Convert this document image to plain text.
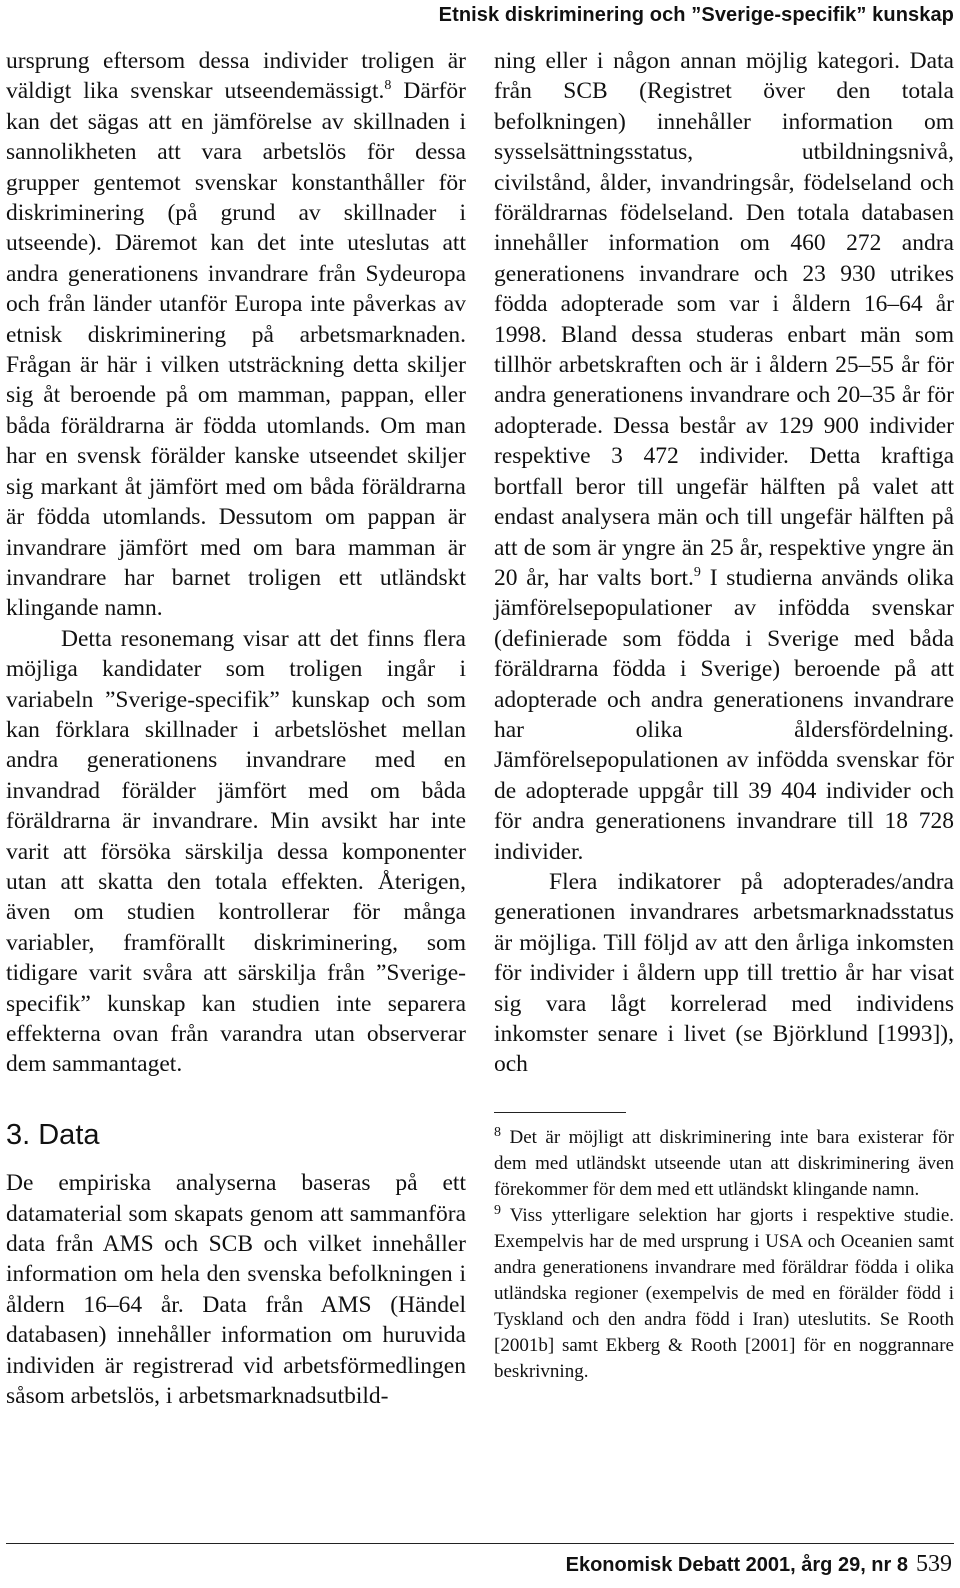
Etnisk diskriminering och ”Sverige-specifik” kunskap

ursprung eftersom dessa individer troligen är väldigt lika svenskar utseendemässigt.$^8$ Därför kan det sägas att en jämförelse av skillnaden i sannolikheten att vara arbetslös för dessa grupper gentemot svenskar konstanthåller för diskriminering (på grund av skillnader i utseende). Däremot kan det inte uteslutas att andra generationens invandrare från Sydeuropa och från länder utanför Europa inte påverkas av etnisk diskriminering på arbetsmarknaden. Frågan är här i vilken utsträckning detta skiljer sig åt beroende på om mamman, pappan, eller båda föräldrarna är födda utomlands. Om man har en svensk förälder kanske utseendet skiljer sig markant åt jämfört med om båda föräldrarna är födda utomlands. Dessutom om pappan är invandrare jämfört med om bara mamman är invandrare har barnet troligen ett utländskt klingande namn.

Detta resonemang visar att det finns flera möjliga kandidater som troligen ingår i variabeln ”Sverige-specifik” kunskap och som kan förklara skillnader i arbetslöshet mellan andra generationens invandrare med en invandrad förälder jämfört med om båda föräldrarna är invandrare. Min avsikt har inte varit att försöka särskilja dessa komponenter utan att skatta den totala effekten. Återigen, även om studien kontrollerar för många variabler, framförallt diskriminering, som tidigare varit svåra att särskilja från ”Sverige-specifik” kunskap kan studien inte separera effekterna ovan från varandra utan observerar dem sammantaget.

3. Data

De empiriska analyserna baseras på ett datamaterial som skapats genom att sammanföra data från AMS och SCB och vilket innehåller information om hela den svenska befolkningen i åldern 16–64 år. Data från AMS (Händel databasen) innehåller information om huruvida individen är registrerad vid arbetsförmedlingen såsom arbetslös, i arbetsmarknadsutbild-

ning eller i någon annan möjlig kategori. Data från SCB (Registret över den totala befolkningen) innehåller information om sysselsättningsstatus, utbildningsnivå, civilstånd, ålder, invandringsår, födelseland och föräldrarnas födelseland. Den totala databasen innehåller information om 460 272 andra generationens invandrare och 23 930 utrikes födda adopterade som var i åldern 16–64 år 1998. Bland dessa studeras enbart män som tillhör arbetskraften och är i åldern 25–55 år för andra generationens invandrare och 20–35 år för adopterade. Dessa består av 129 900 individer respektive 3 472 individer. Detta kraftiga bortfall beror till ungefär hälften på valet att endast analysera män och till ungefär hälften på att de som är yngre än 25 år, respektive yngre än 20 år, har valts bort.$^9$ I studierna används olika jämförelsepopulationer av infödda svenskar (definierade som födda i Sverige med båda föräldrarna födda i Sverige) beroende på att adopterade och andra generationens invandrare har olika åldersfördelning. Jämförelsepopulationen av infödda svenskar för de adopterade uppgår till 39 404 individer och för andra generationens invandrare till 18 728 individer.

Flera indikatorer på adopterades/andra generationen invandrares arbetsmarknadsstatus är möjliga. Till följd av att den årliga inkomsten för individer i åldern upp till trettio år har visat sig vara lågt korrelerad med individens inkomster senare i livet (se Björklund [1993]), och

$^8$ Det är möjligt att diskriminering inte bara existerar för dem med utländskt utseende utan att diskriminering även förekommer för dem med ett utländskt klingande namn.

$^9$ Viss ytterligare selektion har gjorts i respektive studie. Exempelvis har de med ursprung i USA och Oceanien samt andra generationens invandrare med föräldrar födda i olika utländska regioner (exempelvis de med en förälder född i Tyskland och den andra född i Iran) uteslutits. Se Rooth [2001b] samt Ekberg & Rooth [2001] för en noggrannare beskrivning.

Ekonomisk Debatt 2001, årg 29, nr 8 539
